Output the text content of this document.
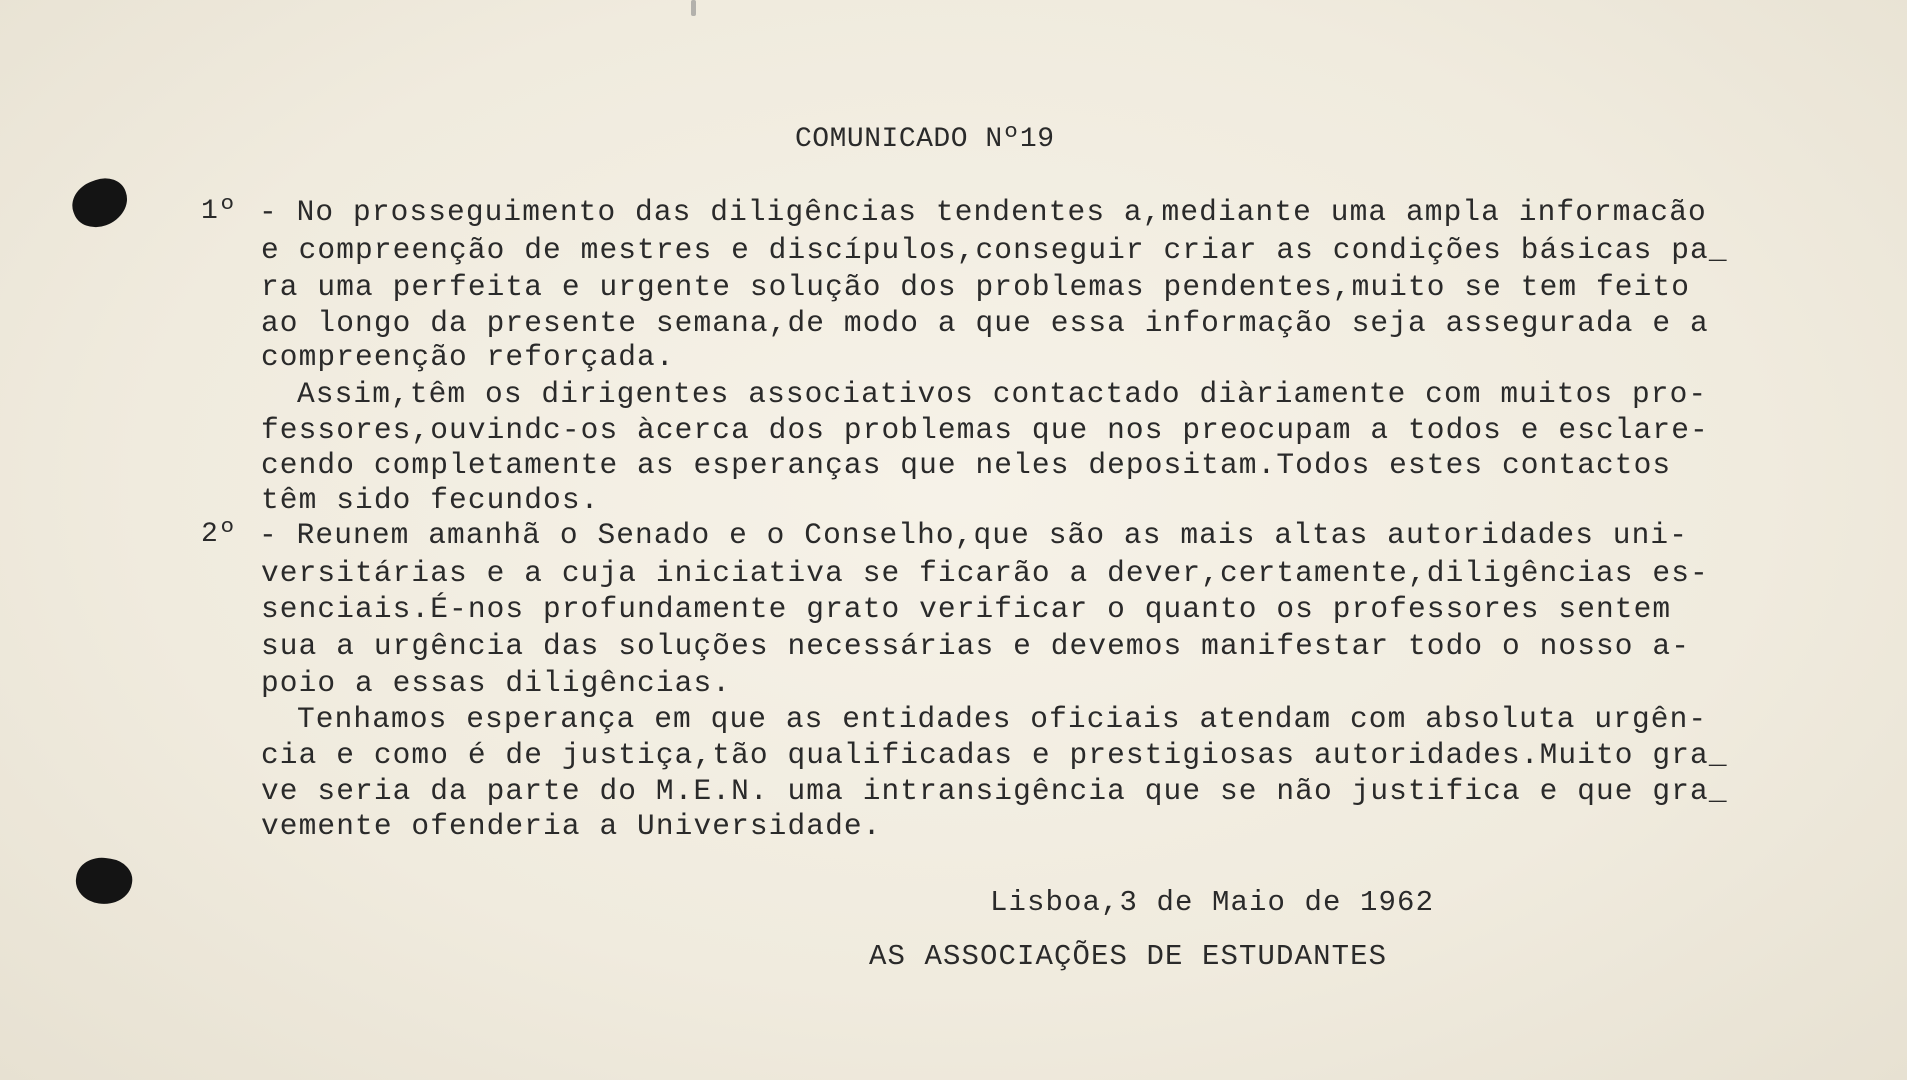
COMUNICADO Nº19
1º - No prosseguimento das diligências tendentes a,mediante uma ampla informacão
e compreenção de mestres e discípulos,conseguir criar as condições básicas pa_
ra uma perfeita e urgente solução dos problemas pendentes,muito se tem feito
ao longo da presente semana,de modo a que essa informação seja assegurada e a
compreenção reforçada.
Assim,têm os dirigentes associativos contactado diàriamente com muitos pro-
fessores,ouvindc-os àcerca dos problemas que nos preocupam a todos e esclare-
cendo completamente as esperanças que neles depositam.Todos estes contactos
têm sido fecundos.
2º - Reunem amanhã o Senado e o Conselho,que são as mais altas autoridades uni-
versitárias e a cuja iniciativa se ficarão a dever,certamente,diligências es-
senciais.É-nos profundamente grato verificar o quanto os professores sentem
sua a urgência das soluções necessárias e devemos manifestar todo o nosso a-
poio a essas diligências.
Tenhamos esperança em que as entidades oficiais atendam com absoluta urgên-
cia e como é de justiça,tão qualificadas e prestigiosas autoridades.Muito gra_
ve seria da parte do M.E.N. uma intransigência que se não justifica e que gra_
vemente ofenderia a Universidade.
Lisboa,3 de Maio de 1962
AS ASSOCIAÇÕES DE ESTUDANTES
